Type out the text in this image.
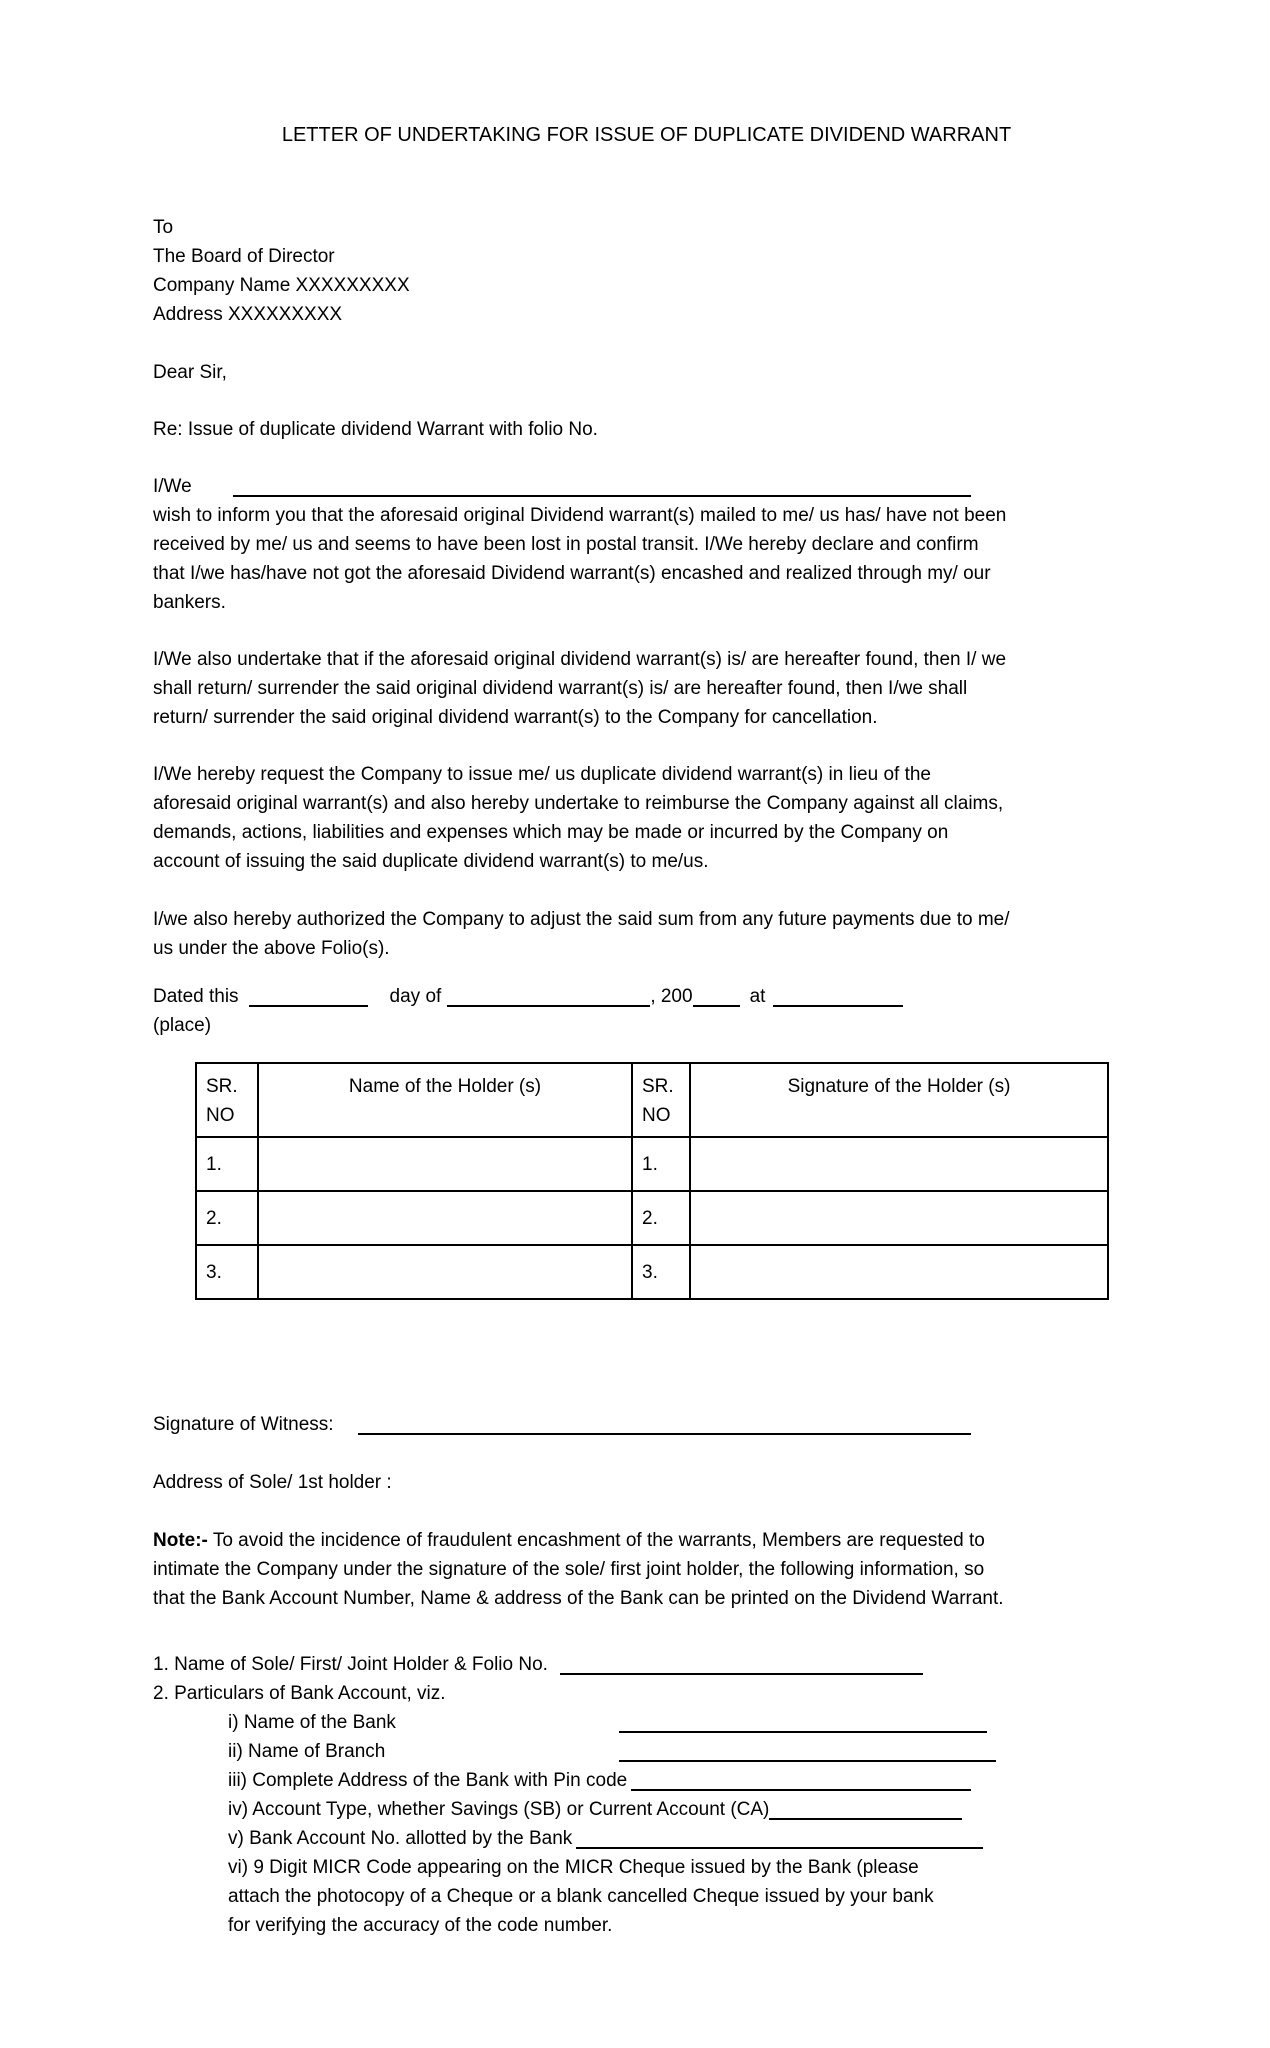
LETTER OF UNDERTAKING FOR ISSUE OF DUPLICATE DIVIDEND WARRANT
To
The Board of Director
Company Name XXXXXXXXX
Address XXXXXXXXX
Dear Sir,
Re: Issue of duplicate dividend Warrant with folio No.
I/We
wish to inform you that the aforesaid original Dividend warrant(s) mailed to me/ us has/ have not been
received by me/ us and seems to have been lost in postal transit. I/We hereby declare and confirm
that I/we has/have not got the aforesaid Dividend warrant(s) encashed and realized through my/ our
bankers.
I/We also undertake that if the aforesaid original dividend warrant(s) is/ are hereafter found, then I/ we
shall return/ surrender the said original dividend warrant(s) is/ are hereafter found, then I/we shall
return/ surrender the said original dividend warrant(s) to the Company for cancellation.
I/We hereby request the Company to issue me/ us duplicate dividend warrant(s) in lieu of the
aforesaid original warrant(s) and also hereby undertake to reimburse the Company against all claims,
demands, actions, liabilities and expenses which may be made or incurred by the Company on
account of issuing the said duplicate dividend warrant(s) to me/us.
I/we also hereby authorized the Company to adjust the said sum from any future payments due to me/
us under the above Folio(s).
Dated this	day of	, 200	at
(place)
SR. NO	Name of the Holder (s)	SR. NO	Signature of the Holder (s)
1.		1.	
2.		2.	
3.		3.	
Signature of Witness:
Address of Sole/ 1st holder :
Note:- To avoid the incidence of fraudulent encashment of the warrants, Members are requested to
intimate the Company under the signature of the sole/ first joint holder, the following information, so
that the Bank Account Number, Name & address of the Bank can be printed on the Dividend Warrant.
1. Name of Sole/ First/ Joint Holder & Folio No.
2. Particulars of Bank Account, viz.
i) Name of the Bank
ii) Name of Branch
iii) Complete Address of the Bank with Pin code
iv) Account Type, whether Savings (SB) or Current Account (CA)
v) Bank Account No. allotted by the Bank
vi) 9 Digit MICR Code appearing on the MICR Cheque issued by the Bank (please
attach the photocopy of a Cheque or a blank cancelled Cheque issued by your bank
for verifying the accuracy of the code number.
